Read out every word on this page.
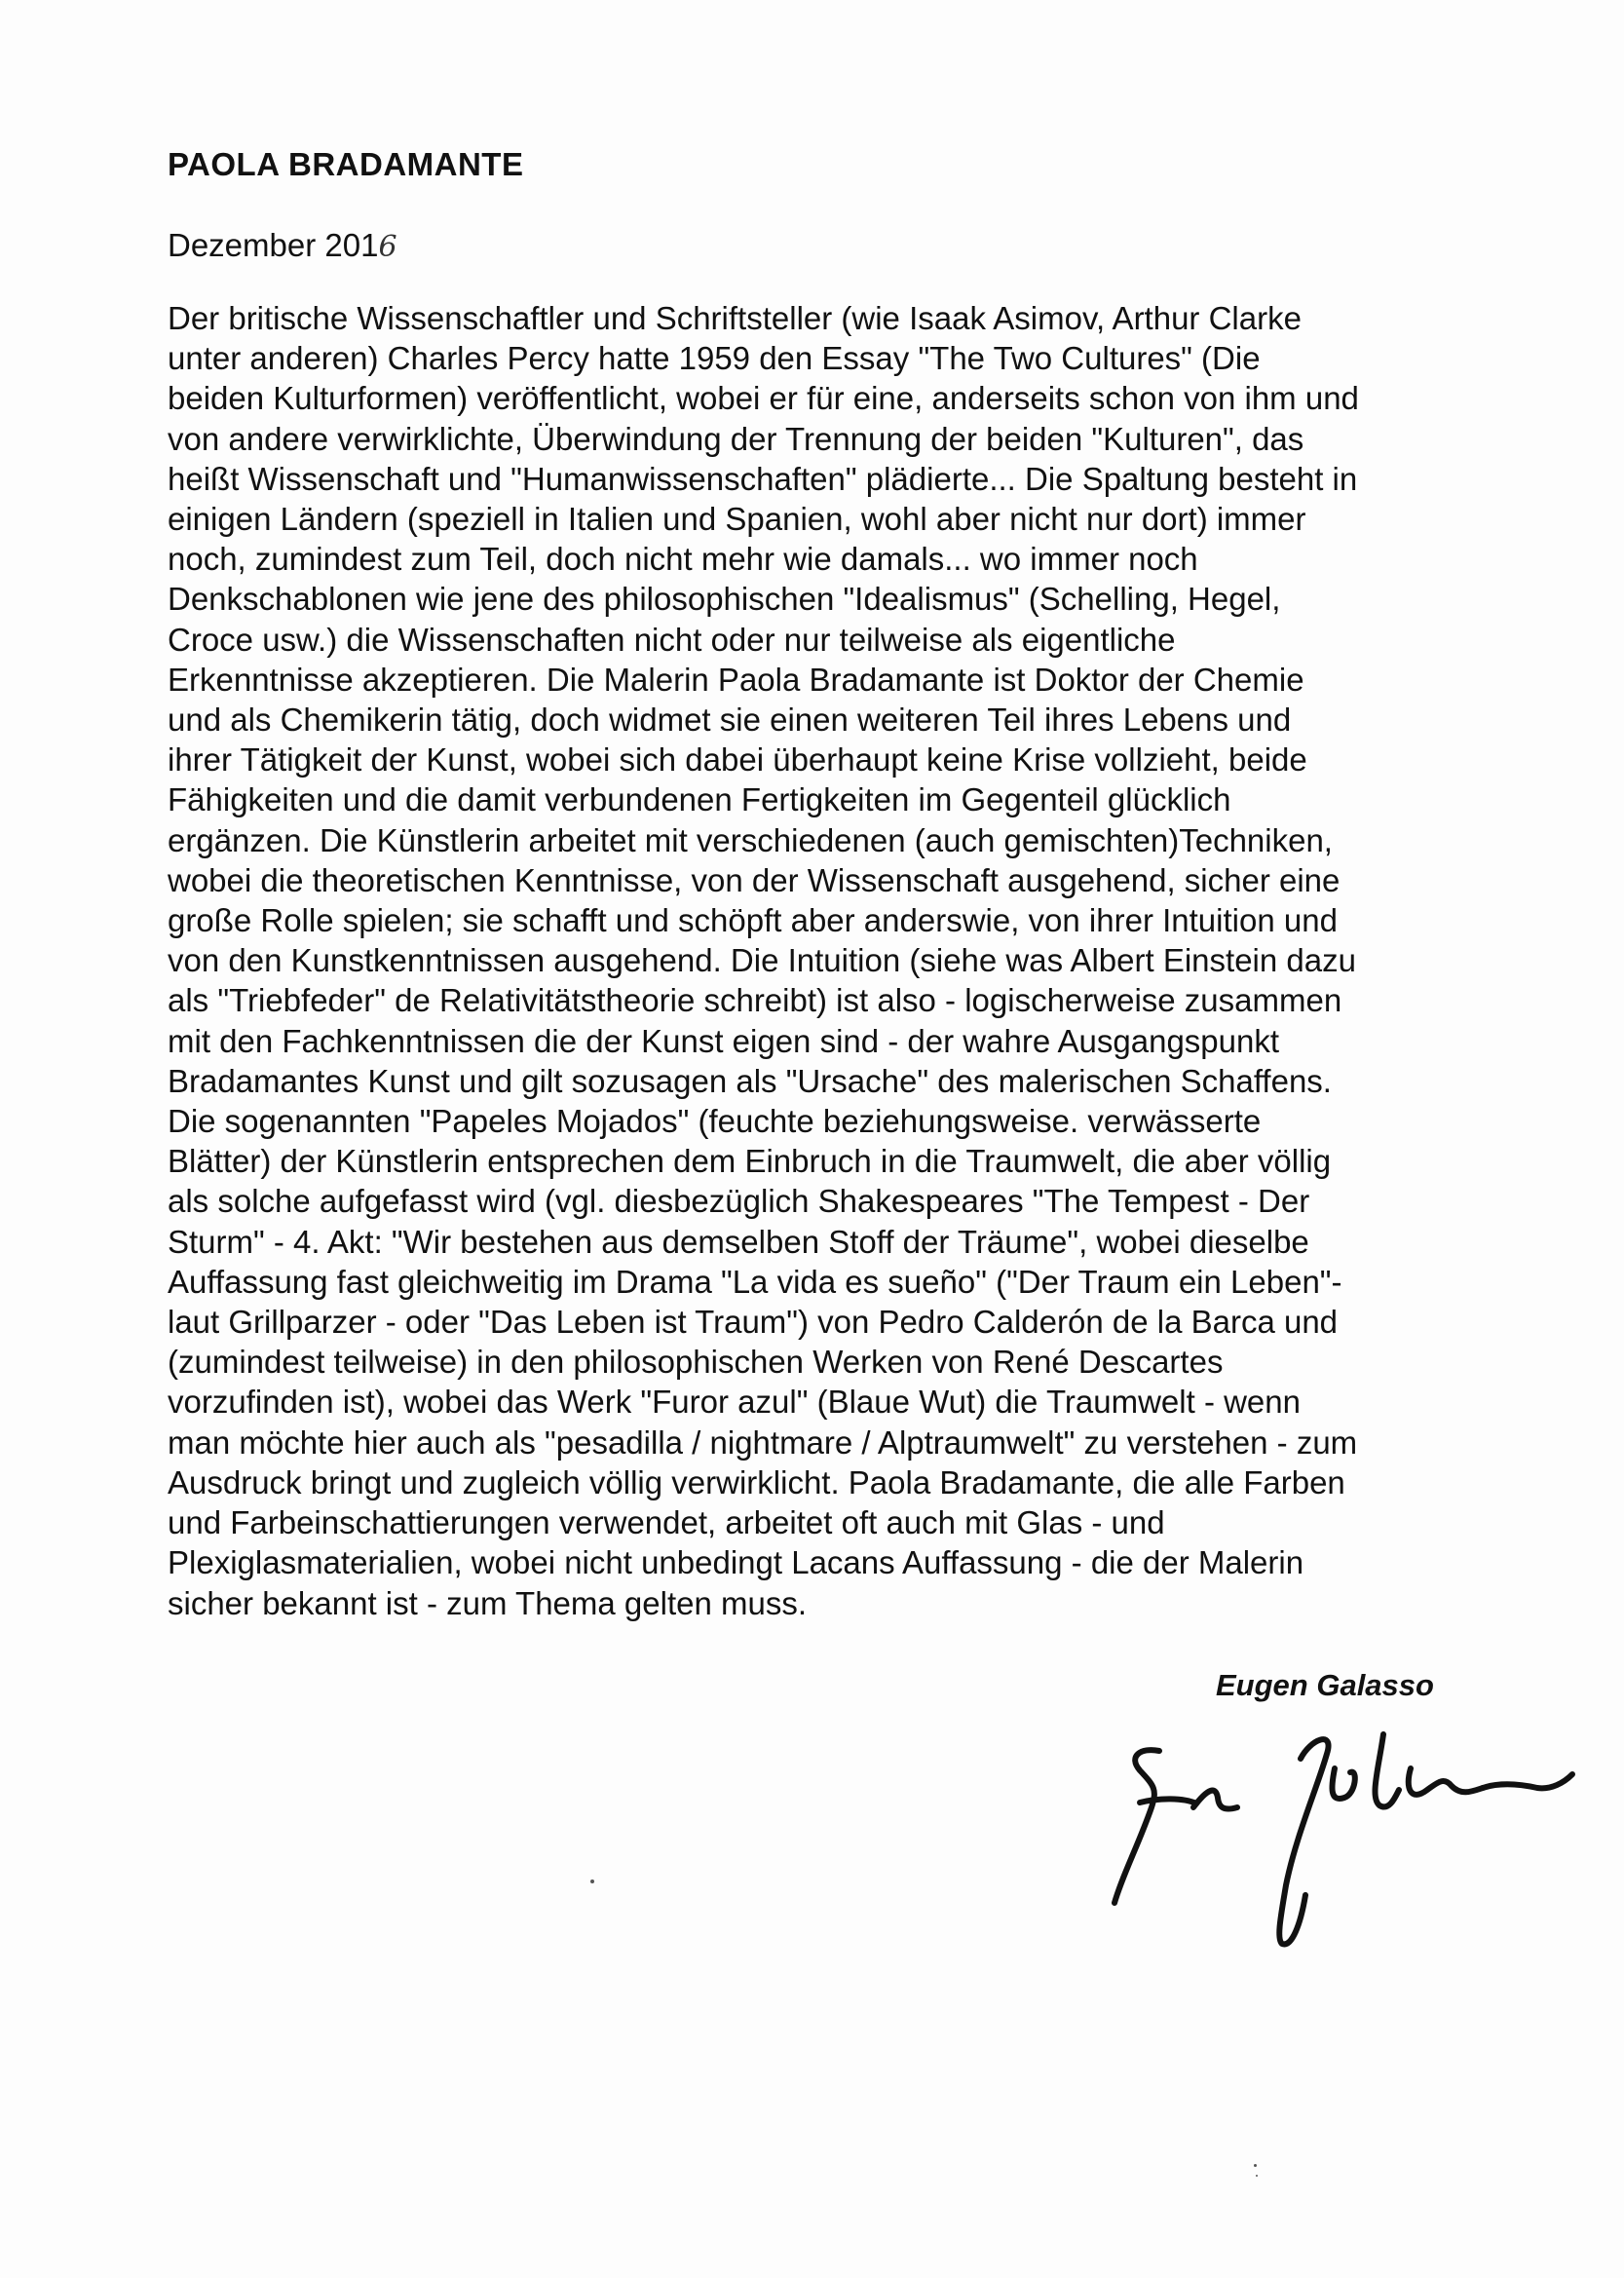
PAOLA BRADAMANTE

Dezember 2016

Der britische Wissenschaftler und Schriftsteller (wie Isaak Asimov, Arthur Clarke
unter anderen) Charles Percy hatte 1959 den Essay "The Two Cultures" (Die
beiden Kulturformen) veröffentlicht, wobei er für eine, anderseits schon von ihm und
von andere verwirklichte, Überwindung der Trennung der beiden "Kulturen", das
heißt Wissenschaft und "Humanwissenschaften" plädierte... Die Spaltung besteht in
einigen Ländern (speziell in Italien und Spanien, wohl aber nicht nur dort) immer
noch, zumindest zum Teil, doch nicht mehr wie damals... wo immer noch
Denkschablonen wie jene des philosophischen "Idealismus" (Schelling, Hegel,
Croce usw.) die Wissenschaften nicht oder nur teilweise als eigentliche
Erkenntnisse akzeptieren. Die Malerin Paola Bradamante ist Doktor der Chemie
und als Chemikerin tätig, doch widmet sie einen weiteren Teil ihres Lebens und
ihrer Tätigkeit der Kunst, wobei sich dabei überhaupt keine Krise vollzieht, beide
Fähigkeiten und die damit verbundenen Fertigkeiten im Gegenteil glücklich
ergänzen. Die Künstlerin arbeitet mit verschiedenen (auch gemischten)Techniken,
wobei die theoretischen Kenntnisse, von der Wissenschaft ausgehend, sicher eine
große Rolle spielen; sie schafft und schöpft aber anderswie, von ihrer Intuition und
von den Kunstkenntnissen ausgehend. Die Intuition (siehe was Albert Einstein dazu
als "Triebfeder" de Relativitätstheorie schreibt) ist also - logischerweise zusammen
mit den Fachkenntnissen die der Kunst eigen sind - der wahre Ausgangspunkt
Bradamantes Kunst und gilt sozusagen als "Ursache" des malerischen Schaffens.
Die sogenannten "Papeles Mojados" (feuchte beziehungsweise. verwässerte
Blätter) der Künstlerin entsprechen dem Einbruch in die Traumwelt, die aber völlig
als solche aufgefasst wird (vgl. diesbezüglich Shakespeares "The Tempest - Der
Sturm" - 4. Akt: "Wir bestehen aus demselben Stoff der Träume", wobei dieselbe
Auffassung fast gleichweitig im Drama "La vida es sueño" ("Der Traum ein Leben"-
laut Grillparzer - oder "Das Leben ist Traum") von Pedro Calderón de la Barca und
(zumindest teilweise) in den philosophischen Werken von René Descartes
vorzufinden ist), wobei das Werk "Furor azul" (Blaue Wut) die Traumwelt - wenn
man möchte hier auch als "pesadilla / nightmare / Alptraumwelt" zu verstehen - zum
Ausdruck bringt und zugleich völlig verwirklicht. Paola Bradamante, die alle Farben
und Farbeinschattierungen verwendet, arbeitet oft auch mit Glas - und
Plexiglasmaterialien, wobei nicht unbedingt Lacans Auffassung - die der Malerin
sicher bekannt ist - zum Thema gelten muss.

Eugen Galasso
